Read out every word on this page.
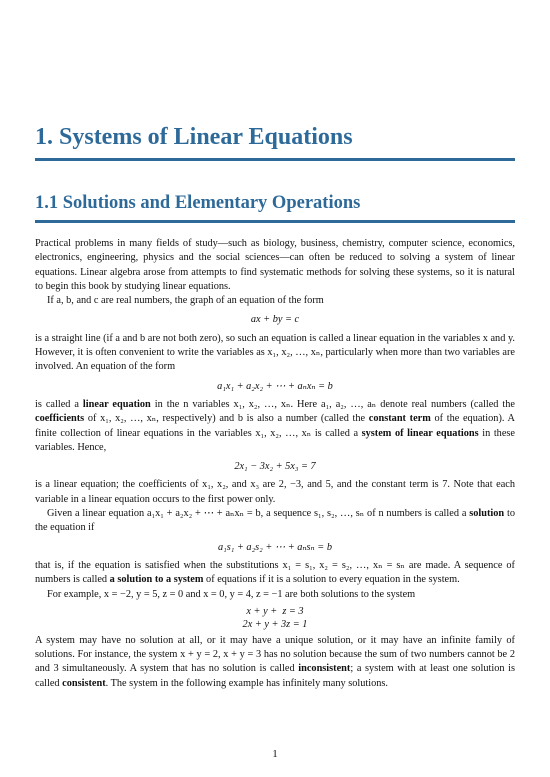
1. Systems of Linear Equations
1.1 Solutions and Elementary Operations

Practical problems in many fields of study—such as biology, business, chemistry, computer science, economics, electronics, engineering, physics and the social sciences—can often be reduced to solving a system of linear equations. Linear algebra arose from attempts to find systematic methods for solving these systems, so it is natural to begin this book by studying linear equations.

If a, b, and c are real numbers, the graph of an equation of the form

ax + by = c

is a straight line (if a and b are not both zero), so such an equation is called a linear equation in the variables x and y. However, it is often convenient to write the variables as x₁, x₂, …, xₙ, particularly when more than two variables are involved. An equation of the form

a₁x₁ + a₂x₂ + ⋯ + aₙxₙ = b

is called a linear equation in the n variables x₁, x₂, …, xₙ. Here a₁, a₂, …, aₙ denote real numbers (called the coefficients of x₁, x₂, …, xₙ, respectively) and b is also a number (called the constant term of the equation). A finite collection of linear equations in the variables x₁, x₂, …, xₙ is called a system of linear equations in these variables. Hence,

2x₁ − 3x₂ + 5x₃ = 7

is a linear equation; the coefficients of x₁, x₂, and x₃ are 2, −3, and 5, and the constant term is 7. Note that each variable in a linear equation occurs to the first power only.

Given a linear equation a₁x₁ + a₂x₂ + ⋯ + aₙxₙ = b, a sequence s₁, s₂, …, sₙ of n numbers is called a solution to the equation if

a₁s₁ + a₂s₂ + ⋯ + aₙsₙ = b

that is, if the equation is satisfied when the substitutions x₁ = s₁, x₂ = s₂, …, xₙ = sₙ are made. A sequence of numbers is called a solution to a system of equations if it is a solution to every equation in the system.

For example, x = −2, y = 5, z = 0 and x = 0, y = 4, z = −1 are both solutions to the system

x + y +  z = 3
2x + y + 3z = 1

A system may have no solution at all, or it may have a unique solution, or it may have an infinite family of solutions. For instance, the system x + y = 2, x + y = 3 has no solution because the sum of two numbers cannot be 2 and 3 simultaneously. A system that has no solution is called inconsistent; a system with at least one solution is called consistent. The system in the following example has infinitely many solutions.

1
